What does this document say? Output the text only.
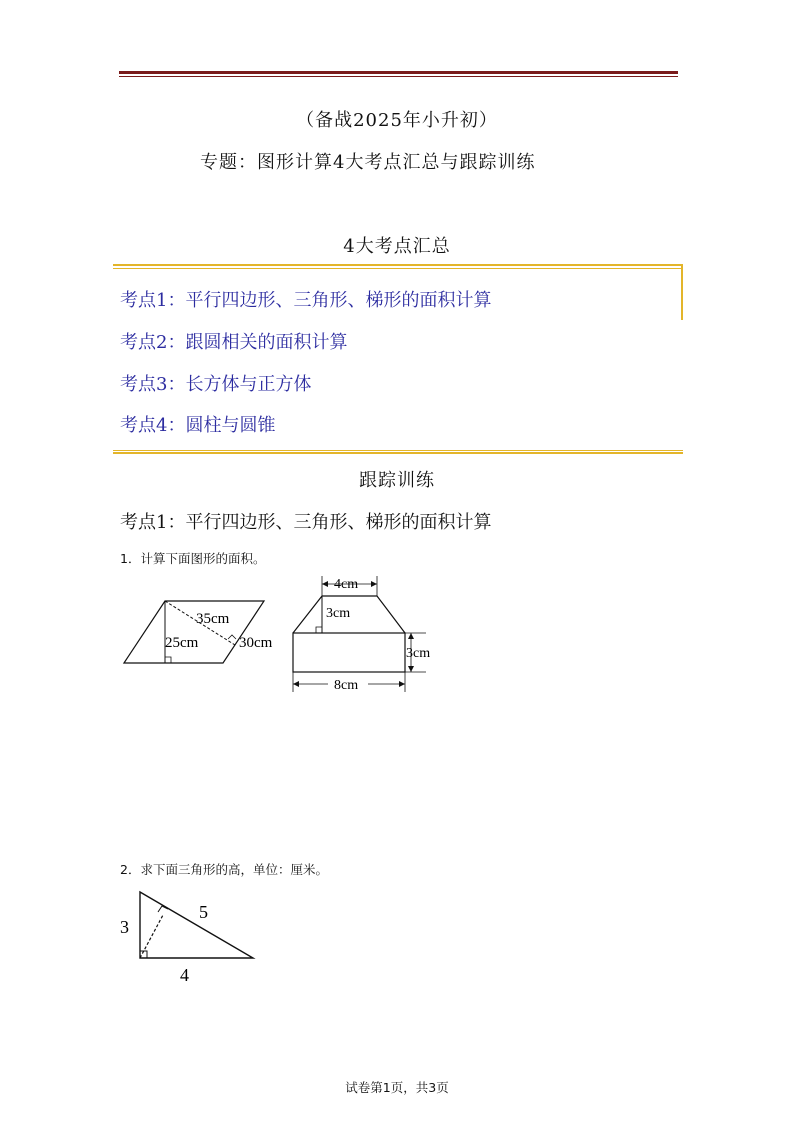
（备战2025年小升初）
专题：图形计算4大考点汇总与跟踪训练
4大考点汇总
考点1：平行四边形、三角形、梯形的面积计算
考点2：跟圆相关的面积计算
考点3：长方体与正方体
考点4：圆柱与圆锥
跟踪训练
考点1：平行四边形、三角形、梯形的面积计算
1．计算下面图形的面积。
35cm
25cm	30cm
4cm
3cm
3cm
8cm
2．求下面三角形的高，单位：厘米。
3
5
4
试卷第1页，共3页
